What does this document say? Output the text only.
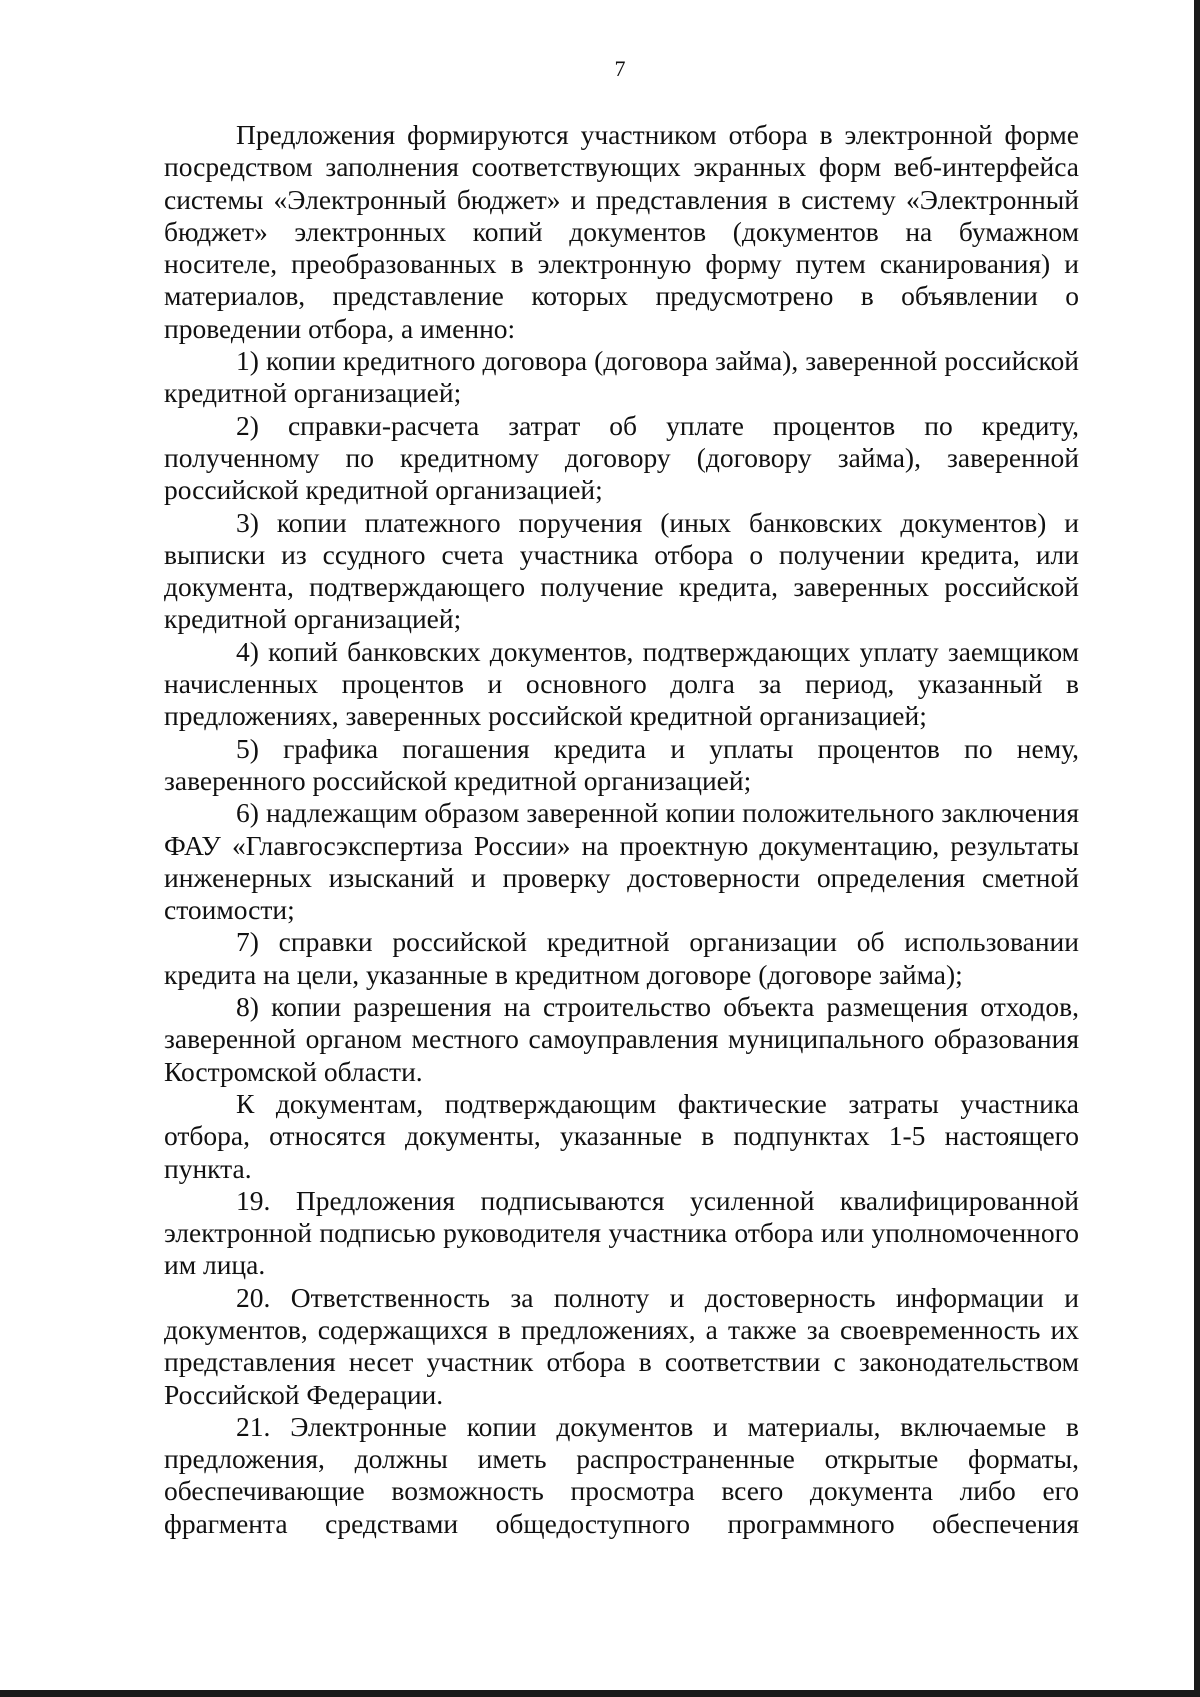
7

Предложения формируются участником отбора в электронной форме посредством заполнения соответствующих экранных форм веб-интерфейса системы «Электронный бюджет» и представления в систему «Электронный бюджет» электронных копий документов (документов на бумажном носителе, преобразованных в электронную форму путем сканирования) и материалов, представление которых предусмотрено в объявлении о проведении отбора, а именно:

1) копии кредитного договора (договора займа), заверенной российской кредитной организацией;

2) справки-расчета затрат об уплате процентов по кредиту, полученному по кредитному договору (договору займа), заверенной российской кредитной организацией;

3) копии платежного поручения (иных банковских документов) и выписки из ссудного счета участника отбора о получении кредита, или документа, подтверждающего получение кредита, заверенных российской кредитной организацией;

4) копий банковских документов, подтверждающих уплату заемщиком начисленных процентов и основного долга за период, указанный в предложениях, заверенных российской кредитной организацией;

5) графика погашения кредита и уплаты процентов по нему, заверенного российской кредитной организацией;

6) надлежащим образом заверенной копии положительного заключения ФАУ «Главгосэкспертиза России» на проектную документацию, результаты инженерных изысканий и проверку достоверности определения сметной стоимости;

7) справки российской кредитной организации об использовании кредита на цели, указанные в кредитном договоре (договоре займа);

8) копии разрешения на строительство объекта размещения отходов, заверенной органом местного самоуправления муниципального образования Костромской области.

К документам, подтверждающим фактические затраты участника отбора, относятся документы, указанные в подпунктах 1-5 настоящего пункта.

19. Предложения подписываются усиленной квалифицированной электронной подписью руководителя участника отбора или уполномоченного им лица.

20. Ответственность за полноту и достоверность информации и документов, содержащихся в предложениях, а также за своевременность их представления несет участник отбора в соответствии с законодательством Российской Федерации.

21. Электронные копии документов и материалы, включаемые в предложения, должны иметь распространенные открытые форматы, обеспечивающие возможность просмотра всего документа либо его фрагмента средствами общедоступного программного обеспечения
